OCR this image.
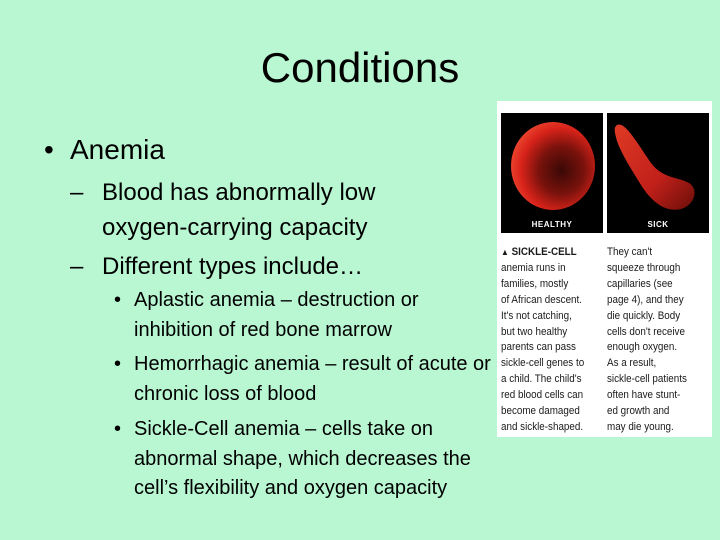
Conditions
• Anemia
– Blood has abnormally low oxygen-carrying capacity
– Different types include…
• Aplastic anemia – destruction or inhibition of red bone marrow
• Hemorrhagic anemia – result of acute or chronic loss of blood
• Sickle-Cell anemia – cells take on abnormal shape, which decreases the cell’s flexibility and oxygen capacity
HEALTHY	SICK
▲ SICKLE-CELL
anemia runs in
families, mostly
of African descent.
It's not catching,
but two healthy
parents can pass
sickle-cell genes to
a child. The child's
red blood cells can
become damaged
and sickle-shaped.
They can't
squeeze through
capillaries (see
page 4), and they
die quickly. Body
cells don't receive
enough oxygen.
As a result,
sickle-cell patients
often have stunt-
ed growth and
may die young.
